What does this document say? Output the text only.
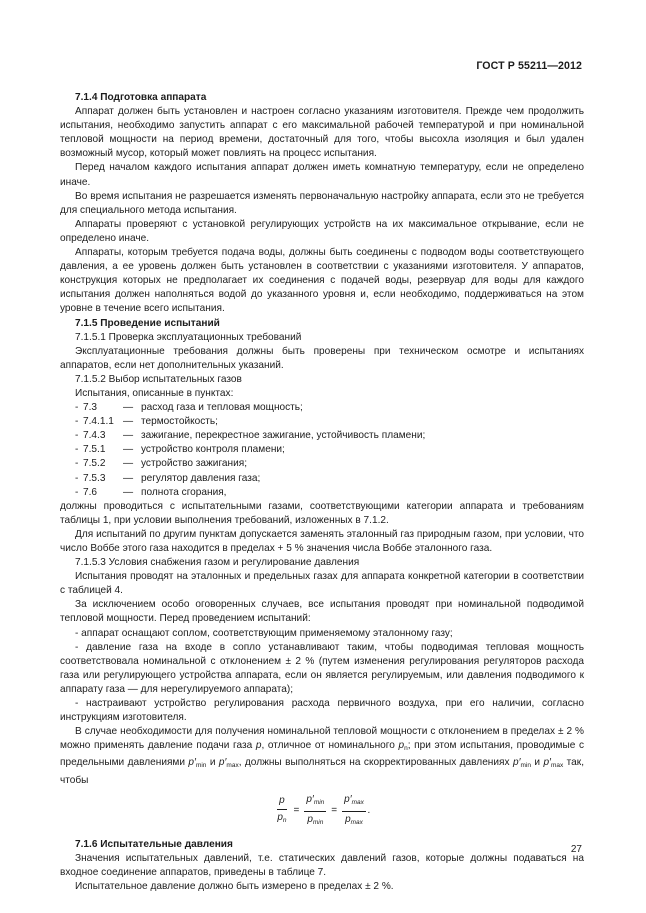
ГОСТ Р 55211—2012

7.1.4 Подготовка аппарата

Аппарат должен быть установлен и настроен согласно указаниям изготовителя. Прежде чем продолжить испытания, необходимо запустить аппарат с его максимальной рабочей температурой и при номинальной тепловой мощности на период времени, достаточный для того, чтобы высохла изоляция и был удален возможный мусор, который может повлиять на процесс испытания.

Перед началом каждого испытания аппарат должен иметь комнатную температуру, если не определено иначе.

Во время испытания не разрешается изменять первоначальную настройку аппарата, если это не требуется для специального метода испытания.

Аппараты проверяют с установкой регулирующих устройств на их максимальное открывание, если не определено иначе.

Аппараты, которым требуется подача воды, должны быть соединены с подводом воды соответствующего давления, а ее уровень должен быть установлен в соответствии с указаниями изготовителя. У аппаратов, конструкция которых не предполагает их соединения с подачей воды, резервуар для воды для каждого испытания должен наполняться водой до указанного уровня и, если необходимо, поддерживаться на этом уровне в течение всего испытания.

7.1.5 Проведение испытаний

7.1.5.1 Проверка эксплуатационных требований

Эксплуатационные требования должны быть проверены при техническом осмотре и испытаниях аппаратов, если нет дополнительных указаний.

7.1.5.2 Выбор испытательных газов

Испытания, описанные в пунктах:

- 7.3	— расход газа и тепловая мощность;
- 7.4.1.1 — термостойкость;
- 7.4.3	— зажигание, перекрестное зажигание, устойчивость пламени;
- 7.5.1	— устройство контроля пламени;
- 7.5.2	— устройство зажигания;
- 7.5.3	— регулятор давления газа;
- 7.6	— полнота сгорания,

должны проводиться с испытательными газами, соответствующими категории аппарата и требованиям таблицы 1, при условии выполнения требований, изложенных в 7.1.2.

Для испытаний по другим пунктам допускается заменять эталонный газ природным газом, при условии, что число Воббе этого газа находится в пределах + 5 % значения числа Воббе эталонного газа.

7.1.5.3 Условия снабжения газом и регулирование давления

Испытания проводят на эталонных и предельных газах для аппарата конкретной категории в соответствии с таблицей 4.

За исключением особо оговоренных случаев, все испытания проводят при номинальной подводимой тепловой мощности. Перед проведением испытаний:

- аппарат оснащают соплом, соответствующим применяемому эталонному газу;

- давление газа на входе в сопло устанавливают таким, чтобы подводимая тепловая мощность соответствовала номинальной с отклонением ± 2 % (путем изменения регулирования регуляторов расхода газа или регулирующего устройства аппарата, если он является регулируемым, или давления подводимого к аппарату газа — для нерегулируемого аппарата);

- настраивают устройство регулирования расхода первичного воздуха, при его наличии, согласно инструкциям изготовителя.

В случае необходимости для получения номинальной тепловой мощности с отклонением в пределах ± 2 % можно применять давление подачи газа p, отличное от номинального $p_n$; при этом испытания, проводимые с предельными давлениями $p'_{min}$ и $p'_{max}$, должны выполняться на скорректированных давлениях $p'_{min}$ и $p'_{max}$ так, чтобы

$\frac{p}{p_n} = \frac{p'_{min}}{p_{min}} = \frac{p'_{max}}{p_{max}}$ .

7.1.6 Испытательные давления

Значения испытательных давлений, т.е. статических давлений газов, которые должны подаваться на входное соединение аппаратов, приведены в таблице 7.

Испытательное давление должно быть измерено в пределах ± 2 %.

27
